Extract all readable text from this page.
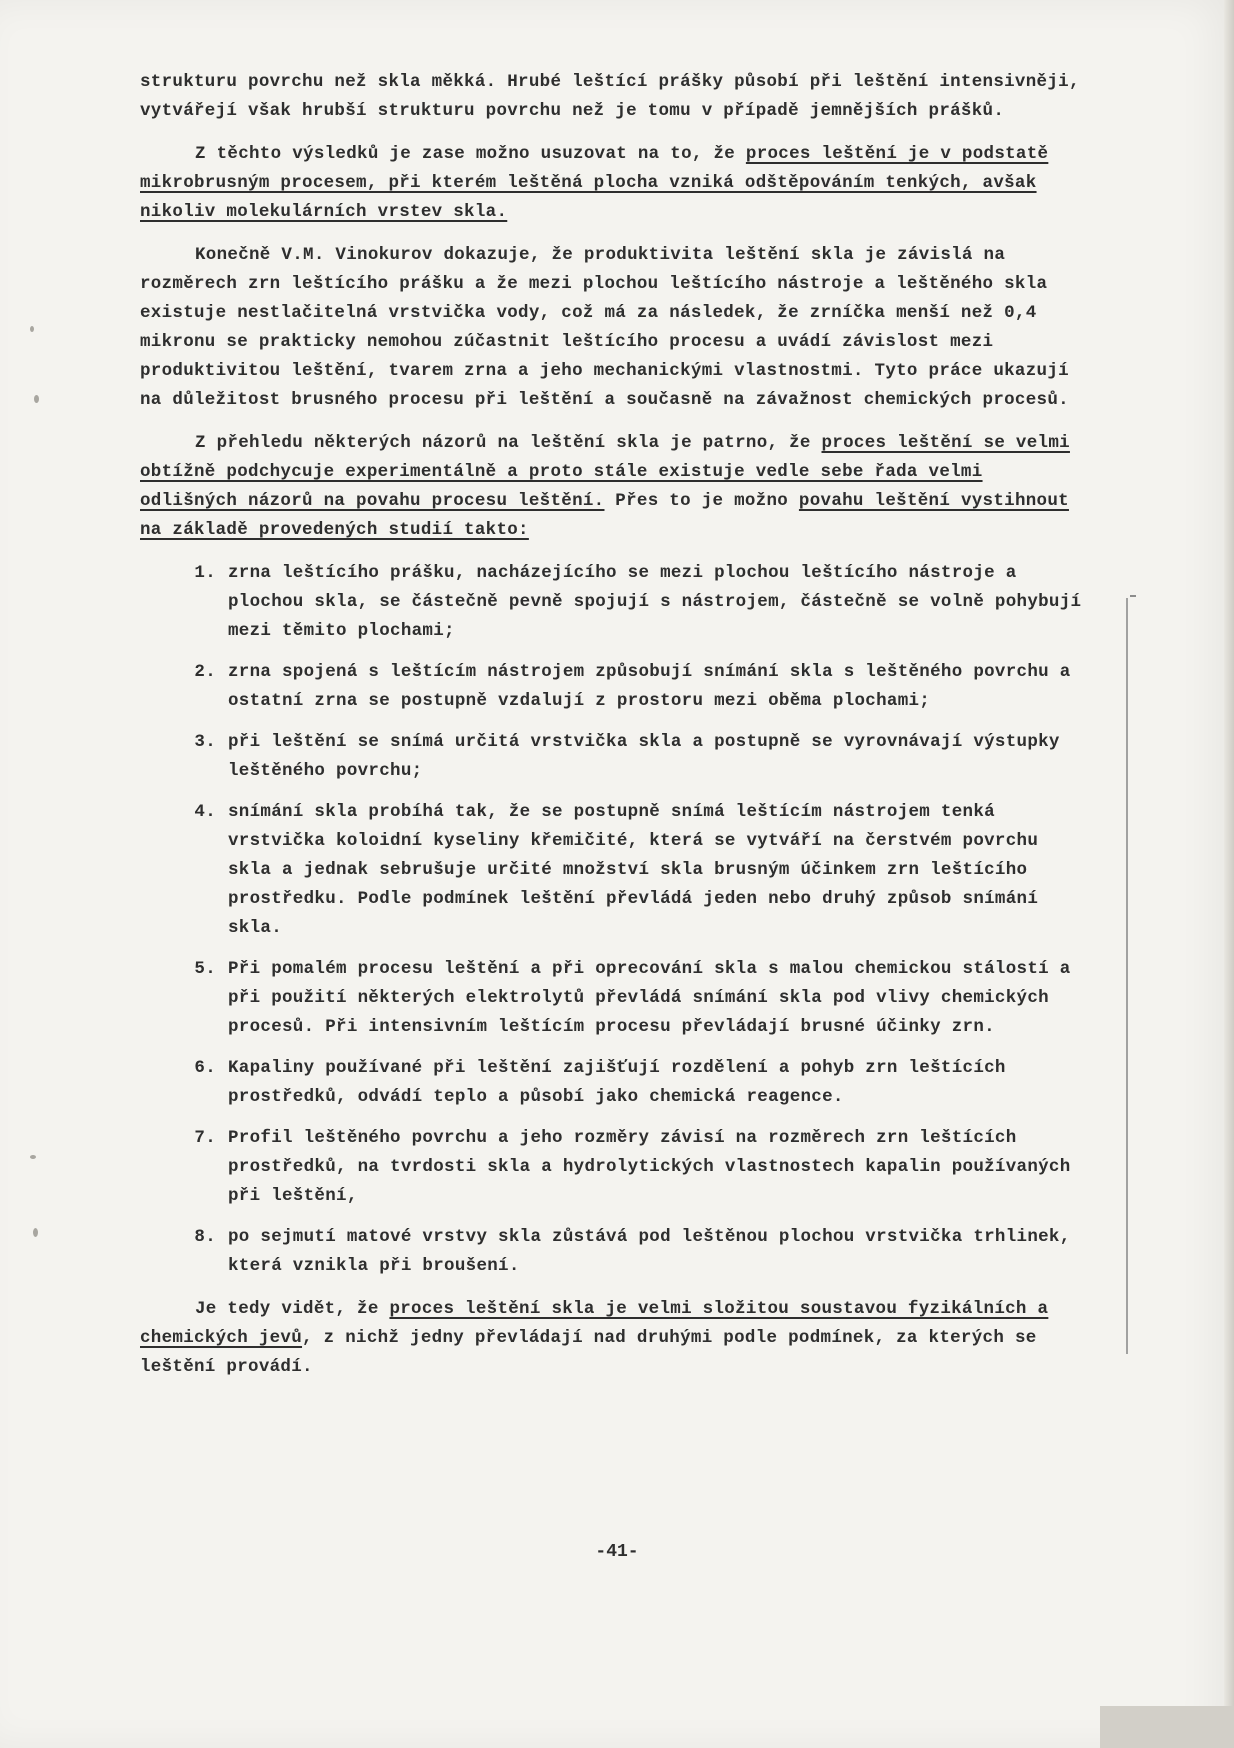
strukturu povrchu než skla měkká. Hrubé leštící prášky působí při leštění intensivněji, vytvářejí však hrubší strukturu povrchu než je tomu v případě jemnějších prášků.

Z těchto výsledků je zase možno usuzovat na to, že proces leštění je v podstatě mikrobrusným procesem, při kterém leštěná plocha vzniká odštěpováním tenkých, avšak nikoliv molekulárních vrstev skla.

Konečně V.M. Vinokurov dokazuje, že produktivita leštění skla je závislá na rozměrech zrn leštícího prášku a že mezi plochou leštícího nástroje a leštěného skla existuje nestlačitelná vrstvička vody, což má za následek, že zrníčka menší než 0,4 mikronu se prakticky nemohou zúčastnit leštícího procesu a uvádí závislost mezi produktivitou leštění, tvarem zrna a jeho mechanickými vlastnostmi. Tyto práce ukazují na důležitost brusného procesu při leštění a současně na závažnost chemických procesů.

Z přehledu některých názorů na leštění skla je patrno, že proces leštění se velmi obtížně podchycuje experimentálně a proto stále existuje vedle sebe řada velmi odlišných názorů na povahu procesu leštění. Přes to je možno povahu leštění vystihnout na základě provedených studií takto:

1. zrna leštícího prášku, nacházejícího se mezi plochou leštícího nástroje a plochou skla, se částečně pevně spojují s nástrojem, částečně se volně pohybují mezi těmito plochami;
2. zrna spojená s leštícím nástrojem způsobují snímání skla s leštěného povrchu a ostatní zrna se postupně vzdalují z prostoru mezi oběma plochami;
3. při leštění se snímá určitá vrstvička skla a postupně se vyrovnávají výstupky leštěného povrchu;
4. snímání skla probíhá tak, že se postupně snímá leštícím nástrojem tenká vrstvička koloidní kyseliny křemičité, která se vytváří na čerstvém povrchu skla a jednak sebrušuje určité množství skla brusným účinkem zrn leštícího prostředku. Podle podmínek leštění převládá jeden nebo druhý způsob snímání skla.
5. Při pomalém procesu leštění a při oprecování skla s malou chemickou stálostí a při použití některých elektrolytů převládá snímání skla pod vlivy chemických procesů. Při intensivním leštícím procesu převládají brusné účinky zrn.
6. Kapaliny používané při leštění zajišťují rozdělení a pohyb zrn leštících prostředků, odvádí teplo a působí jako chemická reagence.
7. Profil leštěného povrchu a jeho rozměry závisí na rozměrech zrn leštících prostředků, na tvrdosti skla a hydrolytických vlastnostech kapalin používaných při leštění,
8. po sejmutí matové vrstvy skla zůstává pod leštěnou plochou vrstvička trhlinek, která vznikla při broušení.

Je tedy vidět, že proces leštění skla je velmi složitou soustavou fyzikálních a chemických jevů, z nichž jedny převládají nad druhými podle podmínek, za kterých se leštění provádí.

-41-
